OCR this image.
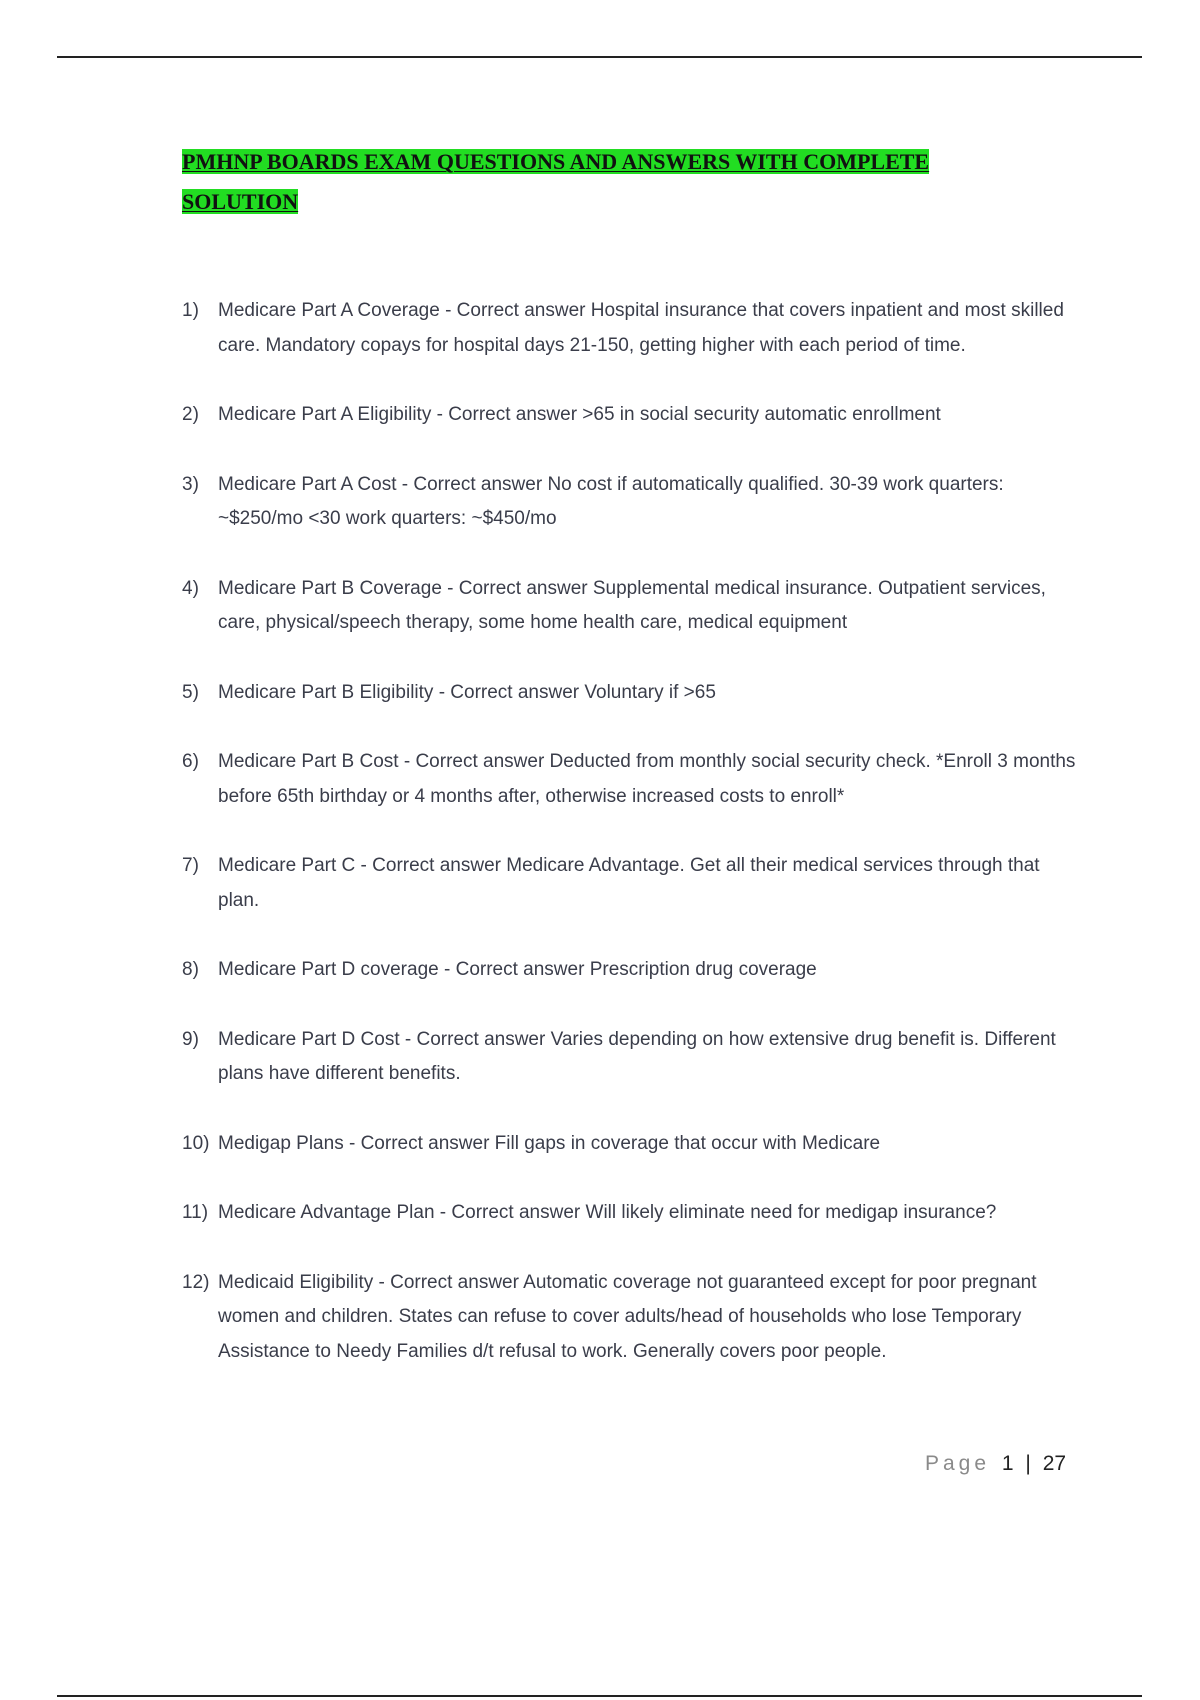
PMHNP BOARDS EXAM QUESTIONS AND ANSWERS WITH COMPLETE
SOLUTION
1) Medicare Part A Coverage - Correct answer Hospital insurance that covers inpatient and most skilled care. Mandatory copays for hospital days 21-150, getting higher with each period of time.
2) Medicare Part A Eligibility - Correct answer >65 in social security automatic enrollment
3) Medicare Part A Cost - Correct answer No cost if automatically qualified. 30-39 work quarters: ~$250/mo <30 work quarters: ~$450/mo
4) Medicare Part B Coverage - Correct answer Supplemental medical insurance. Outpatient services, care, physical/speech therapy, some home health care, medical equipment
5) Medicare Part B Eligibility - Correct answer Voluntary if >65
6) Medicare Part B Cost - Correct answer Deducted from monthly social security check. *Enroll 3 months before 65th birthday or 4 months after, otherwise increased costs to enroll*
7) Medicare Part C - Correct answer Medicare Advantage. Get all their medical services through that plan.
8) Medicare Part D coverage - Correct answer Prescription drug coverage
9) Medicare Part D Cost - Correct answer Varies depending on how extensive drug benefit is. Different plans have different benefits.
10) Medigap Plans - Correct answer Fill gaps in coverage that occur with Medicare
11) Medicare Advantage Plan - Correct answer Will likely eliminate need for medigap insurance?
12) Medicaid Eligibility - Correct answer Automatic coverage not guaranteed except for poor pregnant women and children. States can refuse to cover adults/head of households who lose Temporary Assistance to Needy Families d/t refusal to work. Generally covers poor people.
Page 1 | 27
